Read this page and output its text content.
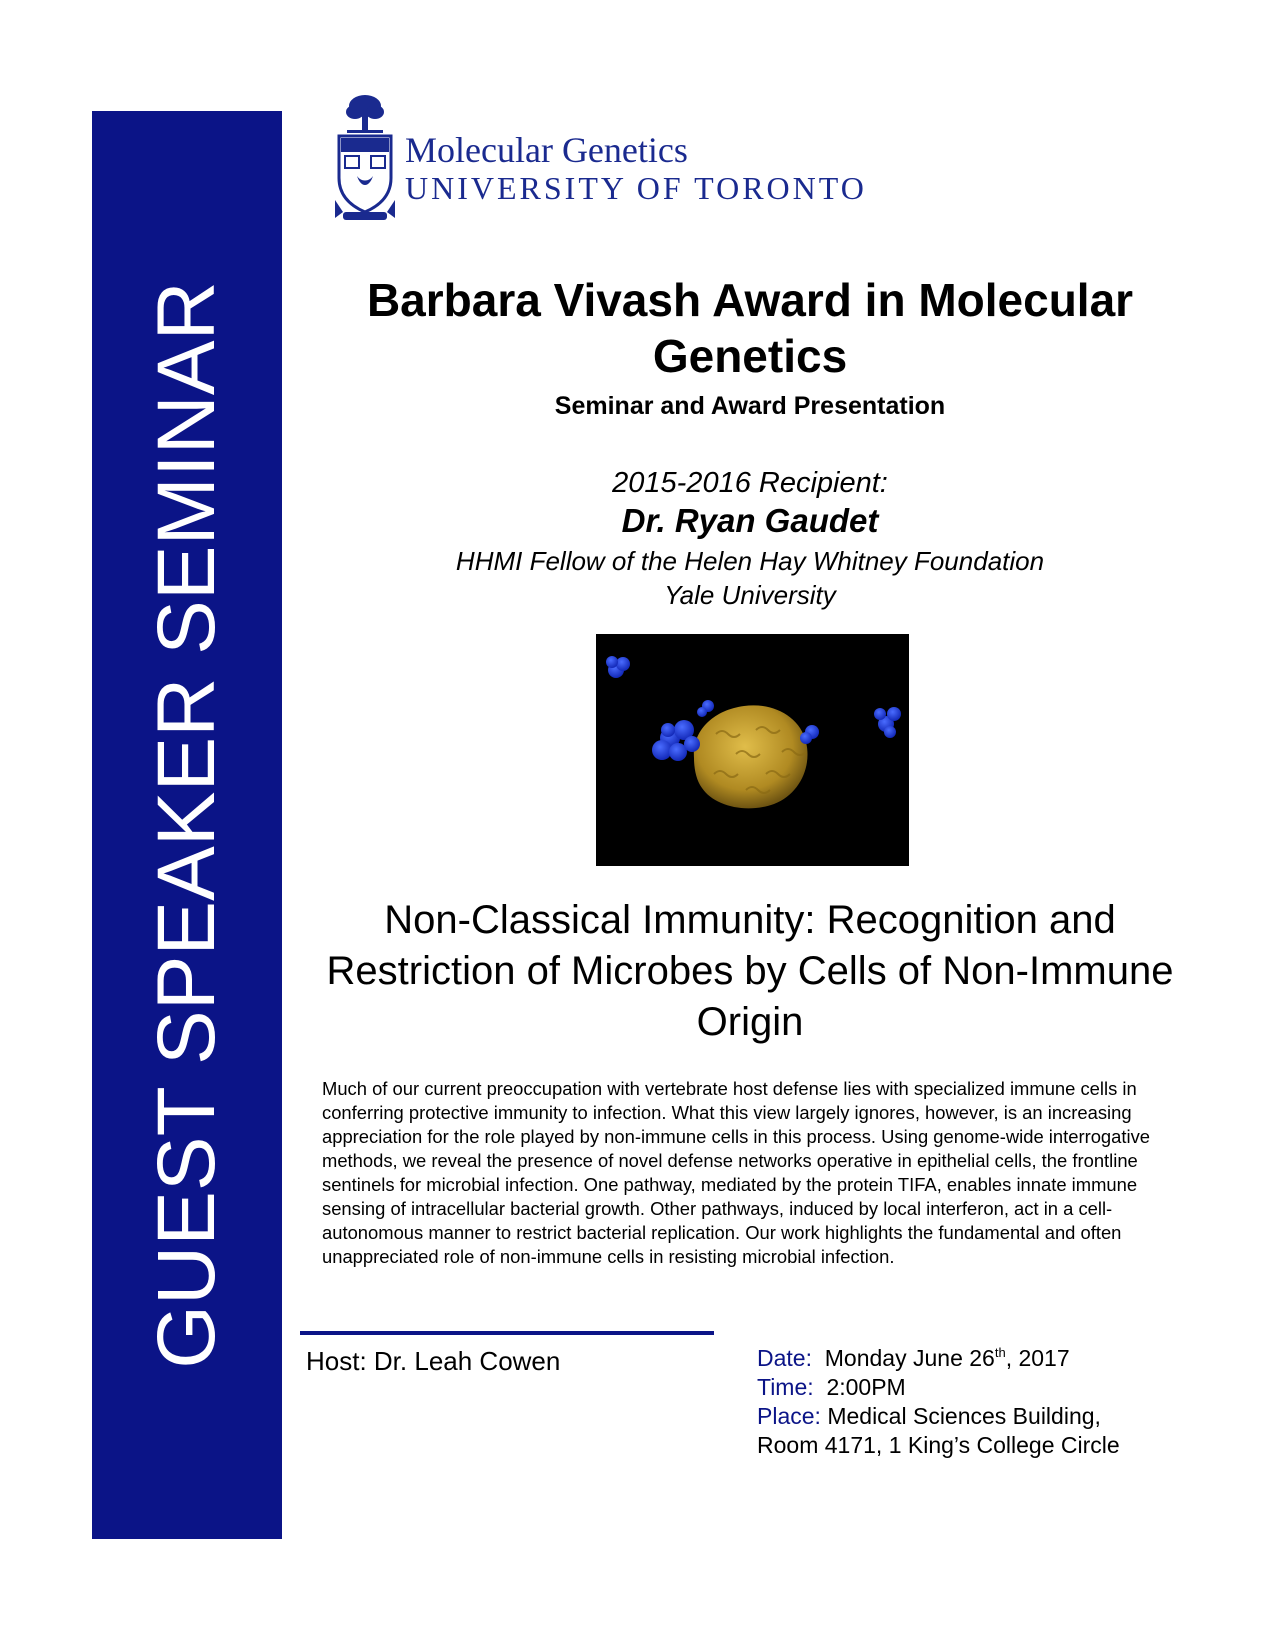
GUEST SPEAKER SEMINAR
Molecular Genetics
UNIVERSITY OF TORONTO
Barbara Vivash Award in Molecular Genetics
Seminar and Award Presentation
2015-2016 Recipient:
Dr. Ryan Gaudet
HHMI Fellow of the Helen Hay Whitney Foundation
Yale University
Non-Classical Immunity: Recognition and Restriction of Microbes by Cells of Non-Immune Origin
Much of our current preoccupation with vertebrate host defense lies with specialized immune cells in conferring protective immunity to infection. What this view largely ignores, however, is an increasing appreciation for the role played by non-immune cells in this process. Using genome-wide interrogative methods, we reveal the presence of novel defense networks operative in epithelial cells, the frontline sentinels for microbial infection. One pathway, mediated by the protein TIFA, enables innate immune sensing of intracellular bacterial growth. Other pathways, induced by local interferon, act in a cell-autonomous manner to restrict bacterial replication. Our work highlights the fundamental and often unappreciated role of non-immune cells in resisting microbial infection.
Host: Dr. Leah Cowen	Date: Monday June 26th, 2017
Time: 2:00PM
Place: Medical Sciences Building,
Room 4171, 1 King’s College Circle
